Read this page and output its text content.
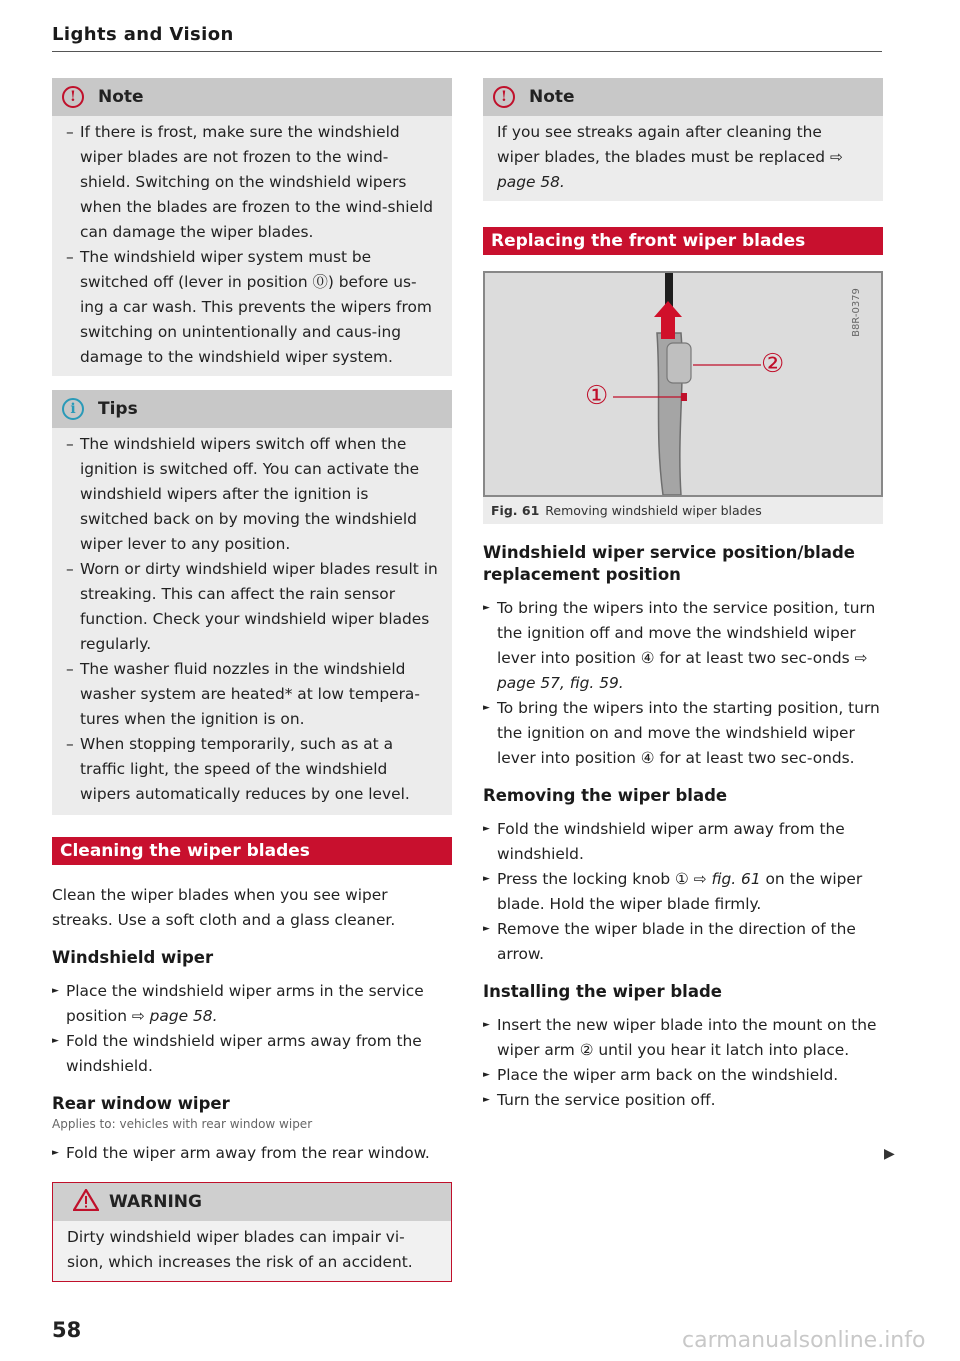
Lights and Vision
!	Note
– If there is frost, make sure the windshield wiper blades are not frozen to the wind-shield. Switching on the windshield wipers when the blades are frozen to the wind-shield can damage the wiper blades.
– The windshield wiper system must be switched off (lever in position ⓪) before us-ing a car wash. This prevents the wipers from switching on unintentionally and caus-ing damage to the windshield wiper system.
i	Tips
– The windshield wipers switch off when the ignition is switched off. You can activate the windshield wipers after the ignition is switched back on by moving the windshield wiper lever to any position.
– Worn or dirty windshield wiper blades result in streaking. This can affect the rain sensor function. Check your windshield wiper blades regularly.
– The washer fluid nozzles in the windshield washer system are heated* at low tempera-tures when the ignition is on.
– When stopping temporarily, such as at a traffic light, the speed of the windshield wipers automatically reduces by one level.
Cleaning the wiper blades

Clean the wiper blades when you see wiper streaks. Use a soft cloth and a glass cleaner.

Windshield wiper
► Place the windshield wiper arms in the service position ⇨ page 58.
► Fold the windshield wiper arms away from the windshield.
Rear window wiper

Applies to: vehicles with rear window wiper

► Fold the wiper arm away from the rear window.
WARNING

Dirty windshield wiper blades can impair vi-sion, which increases the risk of an accident.

!	Note

If you see streaks again after cleaning the wiper blades, the blades must be replaced ⇨ page 58.

Replacing the front wiper blades
B8R-0379
①
②
Fig. 61 Removing windshield wiper blades
Windshield wiper service position/blade replacement position
► To bring the wipers into the service position, turn the ignition off and move the windshield wiper lever into position ④ for at least two sec-onds ⇨ page 57, fig. 59.
► To bring the wipers into the starting position, turn the ignition on and move the windshield wiper lever into position ④ for at least two sec-onds.
Removing the wiper blade
► Fold the windshield wiper arm away from the windshield.
► Press the locking knob ① ⇨ fig. 61 on the wiper blade. Hold the wiper blade firmly.
► Remove the wiper blade in the direction of the arrow.
Installing the wiper blade
► Insert the new wiper blade into the mount on the wiper arm ② until you hear it latch into place.
► Place the wiper arm back on the windshield.
► Turn the service position off.
▶
58	carmanualsonline.info
